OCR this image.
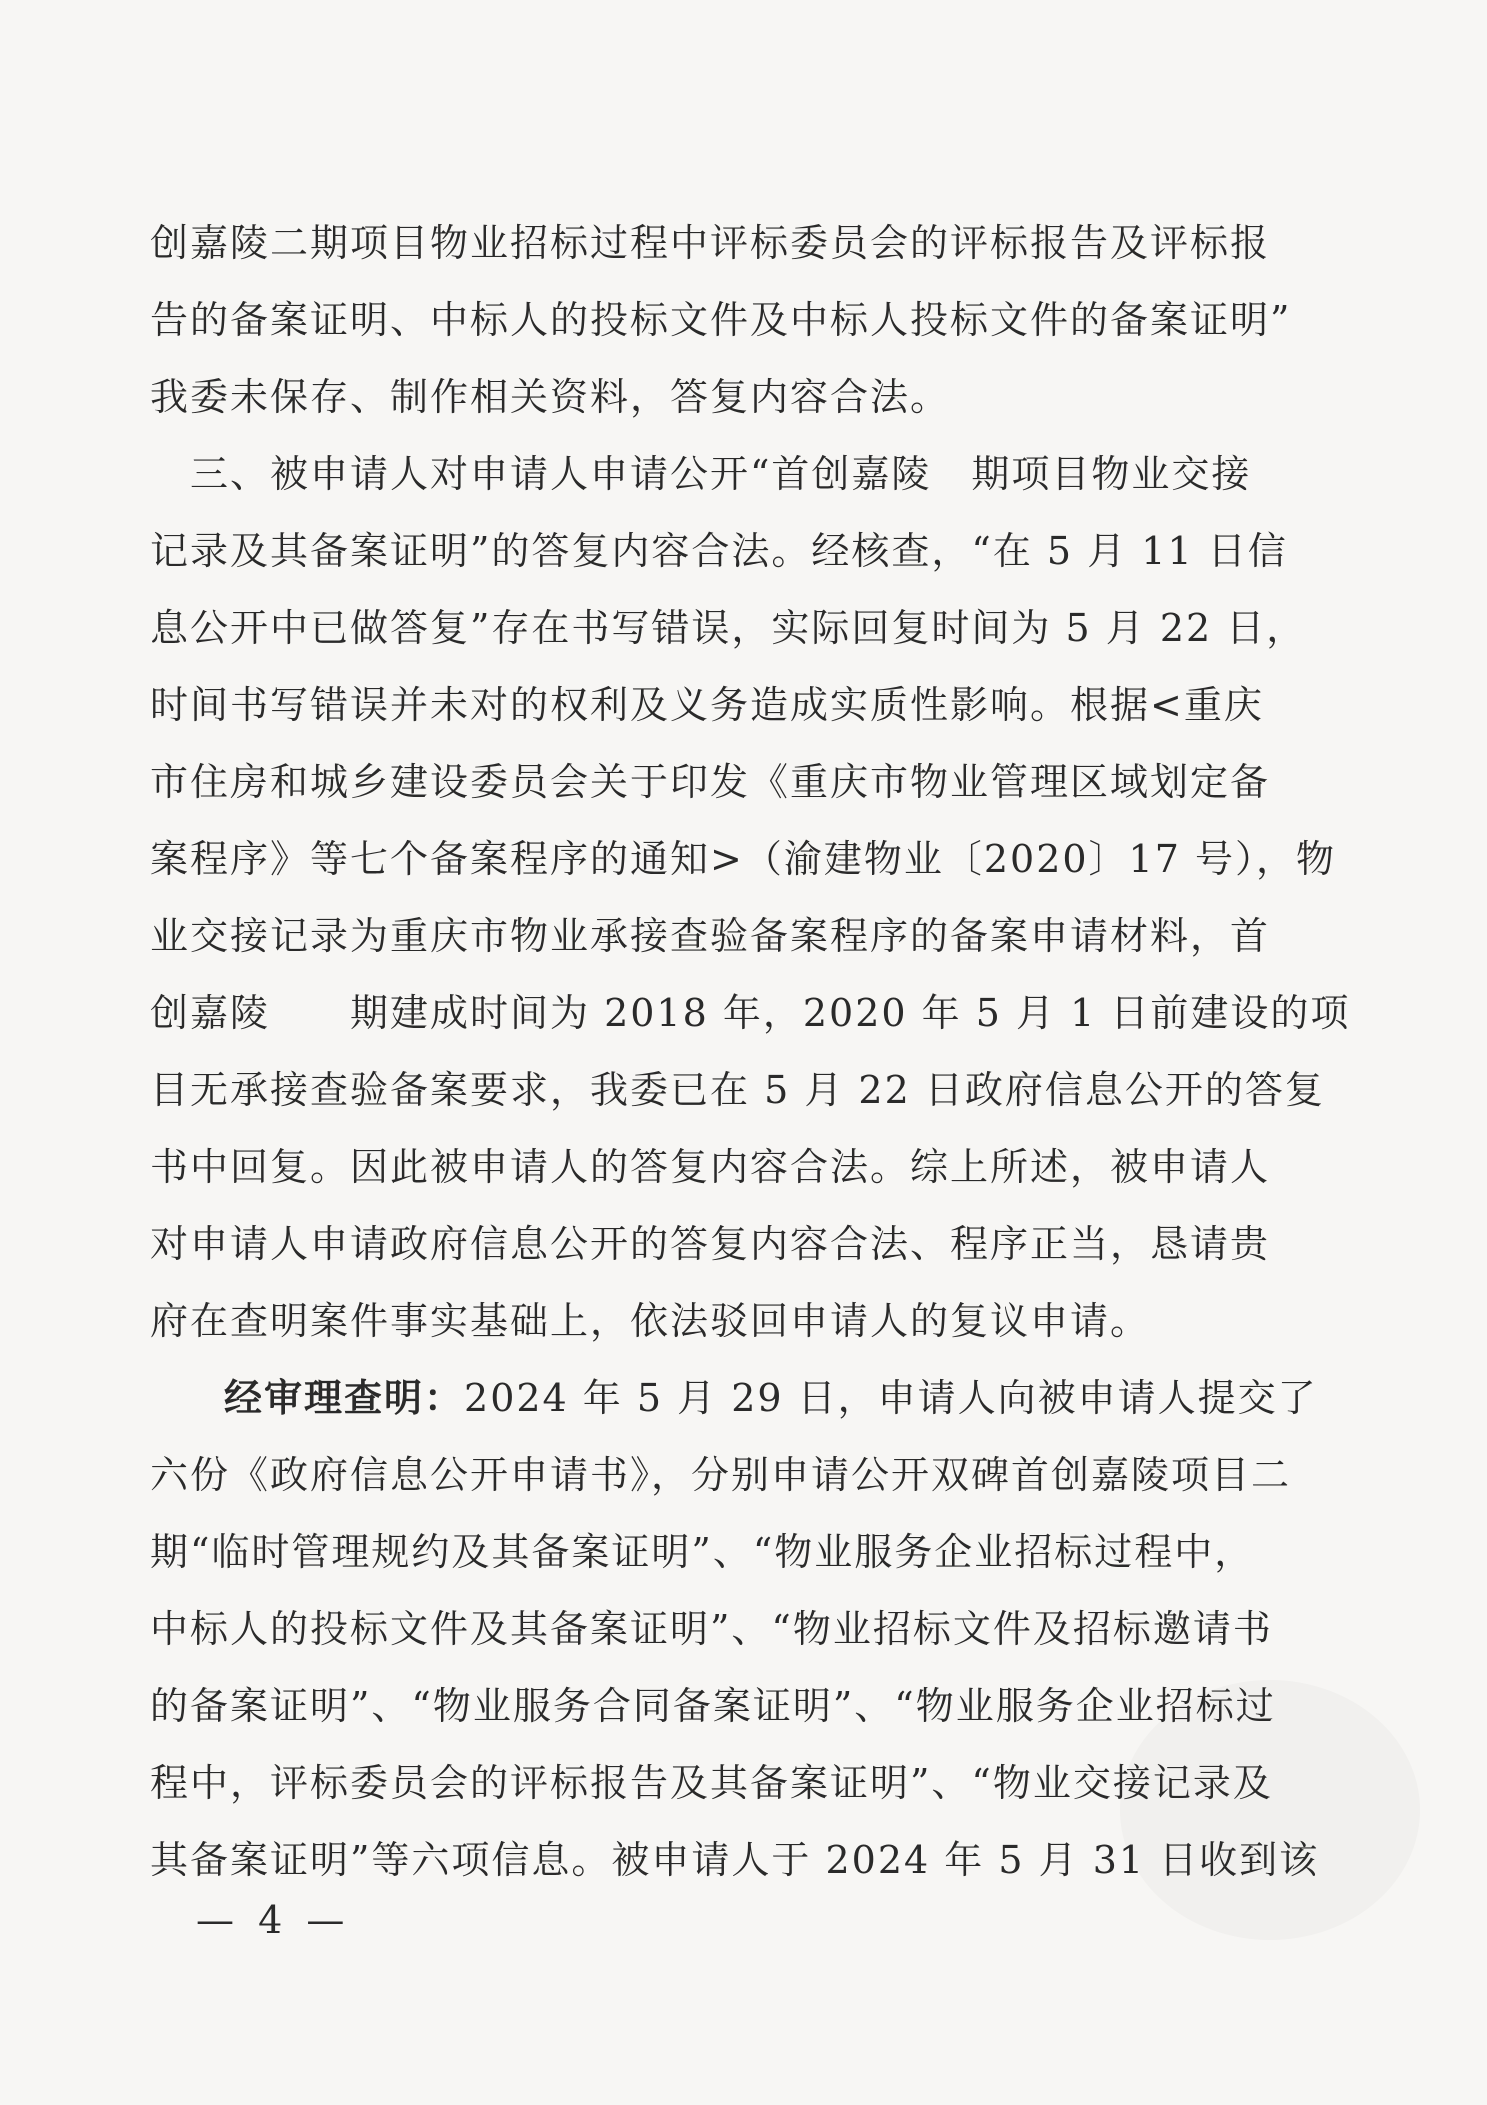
创嘉陵二期项目物业招标过程中评标委员会的评标报告及评标报
告的备案证明、中标人的投标文件及中标人投标文件的备案证明”
我委未保存、制作相关资料，答复内容合法。
三、被申请人对申请人申请公开“首创嘉陵　期项目物业交接
记录及其备案证明”的答复内容合法。经核查，“在 5 月 11 日信
息公开中已做答复”存在书写错误，实际回复时间为 5 月 22 日，
时间书写错误并未对的权利及义务造成实质性影响。根据<重庆
市住房和城乡建设委员会关于印发《重庆市物业管理区域划定备
案程序》等七个备案程序的通知>（渝建物业〔2020〕17 号），物
业交接记录为重庆市物业承接查验备案程序的备案申请材料，首
创嘉陵　　期建成时间为 2018 年，2020 年 5 月 1 日前建设的项
目无承接查验备案要求，我委已在 5 月 22 日政府信息公开的答复
书中回复。因此被申请人的答复内容合法。综上所述，被申请人
对申请人申请政府信息公开的答复内容合法、程序正当，恳请贵
府在查明案件事实基础上，依法驳回申请人的复议申请。
经审理查明：2024 年 5 月 29 日，申请人向被申请人提交了
六份《政府信息公开申请书》，分别申请公开双碑首创嘉陵项目二
期“临时管理规约及其备案证明”、“物业服务企业招标过程中，
中标人的投标文件及其备案证明”、“物业招标文件及招标邀请书
的备案证明”、“物业服务合同备案证明”、“物业服务企业招标过
程中，评标委员会的评标报告及其备案证明”、“物业交接记录及
其备案证明”等六项信息。被申请人于 2024 年 5 月 31 日收到该
— 4 —
